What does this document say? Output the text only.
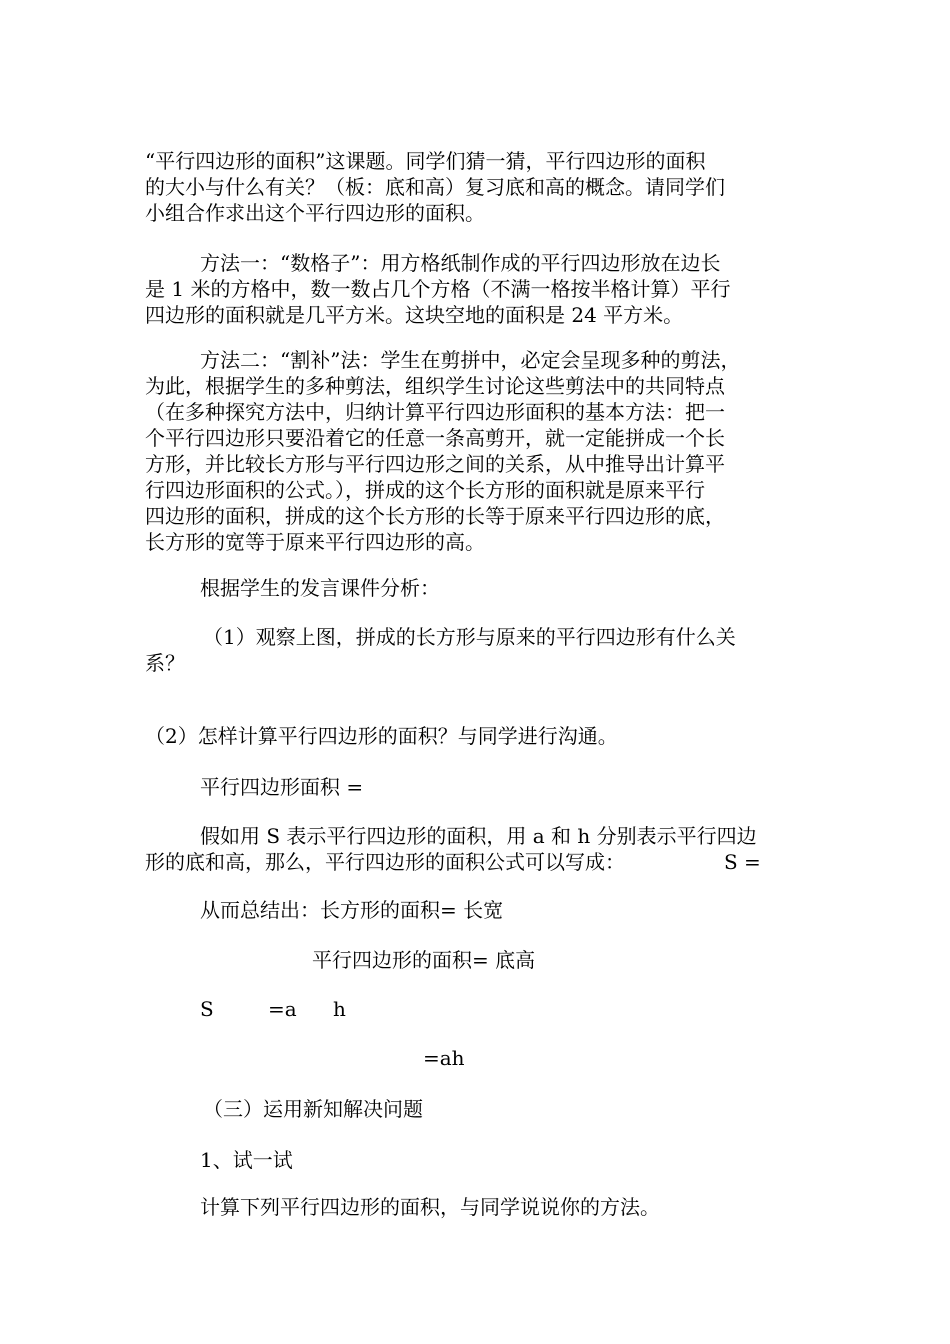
“平行四边形的面积”这课题。同学们猜一猜，平行四边形的面积
的大小与什么有关？（板：底和高）复习底和高的概念。请同学们
小组合作求出这个平行四边形的面积。
方法一：“数格子”：用方格纸制作成的平行四边形放在边长
是 1 米的方格中，数一数占几个方格（不满一格按半格计算）平行
四边形的面积就是几平方米。这块空地的面积是 24 平方米。
方法二：“割补”法：学生在剪拼中，必定会呈现多种的剪法，
为此，根据学生的多种剪法，组织学生讨论这些剪法中的共同特点
（在多种探究方法中，归纳计算平行四边形面积的基本方法：把一
个平行四边形只要沿着它的任意一条高剪开，就一定能拼成一个长
方形，并比较长方形与平行四边形之间的关系，从中推导出计算平
行四边形面积的公式。），拼成的这个长方形的面积就是原来平行
四边形的面积，拼成的这个长方形的长等于原来平行四边形的底，
长方形的宽等于原来平行四边形的高。
根据学生的发言课件分析：
（1）观察上图，拼成的长方形与原来的平行四边形有什么关
系？
（2）怎样计算平行四边形的面积？与同学进行沟通。
平行四边形面积 =
假如用 S 表示平行四边形的面积，用 a 和 h 分别表示平行四边
形的底和高，那么，平行四边形的面积公式可以写成：	S =
从而总结出：长方形的面积= 长宽
平行四边形的面积= 底高
S	=a h
=ah
（三）运用新知解决问题
1、试一试
计算下列平行四边形的面积，与同学说说你的方法。
